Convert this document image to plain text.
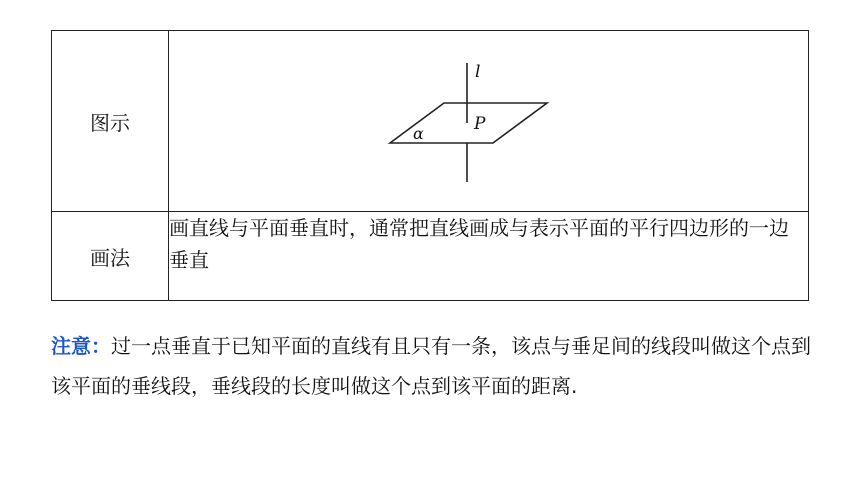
图示	l
P
α

画法	画直线与平面垂直时，通常把直线画成与表示平面的平行四边形的一边垂直
注意：过一点垂直于已知平面的直线有且只有一条，该点与垂足间的线段叫做这个点到该平面的垂线段，垂线段的长度叫做这个点到该平面的距离.
